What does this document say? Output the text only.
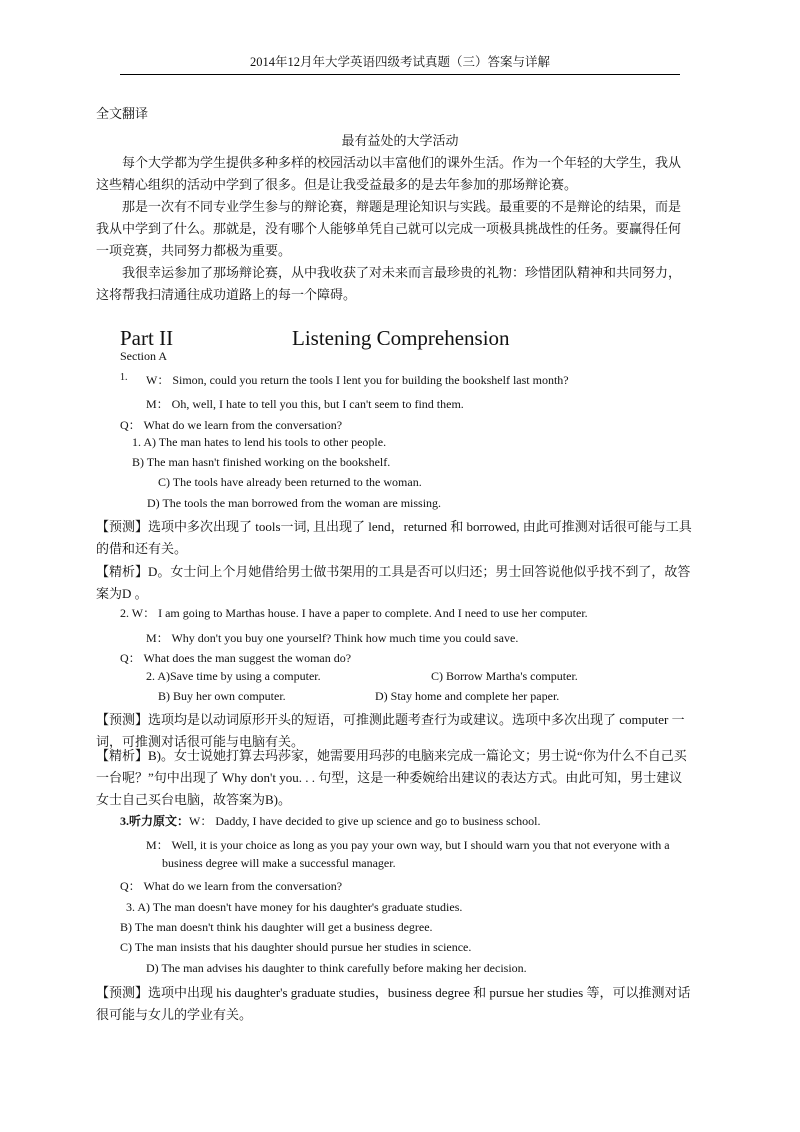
2014年12月年大学英语四级考试真题（三）答案与详解
全文翻译
最有益处的大学活动
每个大学都为学生提供多种多样的校园活动以丰富他们的课外生活。作为一个年轻的大学生，我从这些精心组织的活动中学到了很多。但是让我受益最多的是去年参加的那场辩论赛。
那是一次有不同专业学生参与的辩论赛，辩题是理论知识与实践。最重要的不是辩论的结果，而是我从中学到了什么。那就是，没有哪个人能够单凭自己就可以完成一项极具挑战性的任务。要赢得任何一项竞赛，共同努力都极为重要。
我很幸运参加了那场辩论赛，从中我收获了对未来而言最珍贵的礼物：珍惜团队精神和共同努力，这将帮我扫清通往成功道路上的每一个障碍。
Part II	Listening Comprehension
Section A
1. W： Simon, could you return the tools I lent you for building the bookshelf last month?
M： Oh, well, I hate to tell you this, but I can't seem to find them.
Q： What do we learn from the conversation?
1. A) The man hates to lend his tools to other people.
B) The man hasn't finished working on the bookshelf.
C) The tools have already been returned to the woman.
D) The tools the man borrowed from the woman are missing.
【预测】选项中多次出现了 tools一词, 且出现了 lend，returned 和 borrowed, 由此可推测对话很可能与工具的借和还有关。
【精析】D。女士问上个月她借给男士做书架用的工具是否可以归还；男士回答说他似乎找不到了，故答案为D 。
2. W： I am going to Marthas house. I have a paper to complete. And I need to use her computer.
M： Why don't you buy one yourself? Think how much time you could save.
Q： What does the man suggest the woman do?
2. A)Save time by using a computer.	C) Borrow Martha's computer.
B) Buy her own computer.	D) Stay home and complete her paper.
【预测】选项均是以动词原形开头的短语，可推测此题考查行为或建议。选项中多次出现了 computer 一词，可推测对话很可能与电脑有关。
【精析】B)。女士说她打算去玛莎家，她需要用玛莎的电脑来完成一篇论文；男士说“你为什么不自己买一台呢？”句中出现了 Why don't you. . . 句型，这是一种委婉给出建议的表达方式。由此可知，男士建议女士自己买台电脑，故答案为B)。
3.听力原文：W： Daddy, I have decided to give up science and go to business school.
M： Well, it is your choice as long as you pay your own way, but I should warn you that not everyone with a
business degree will make a successful manager.
Q： What do we learn from the conversation?
3. A) The man doesn't have money for his daughter's graduate studies.
B) The man doesn't think his daughter will get a business degree.
C) The man insists that his daughter should pursue her studies in science.
D) The man advises his daughter to think carefully before making her decision.
【预测】选项中出现 his daughter's graduate studies，business degree 和 pursue her studies 等，可以推测对话很可能与女儿的学业有关。
